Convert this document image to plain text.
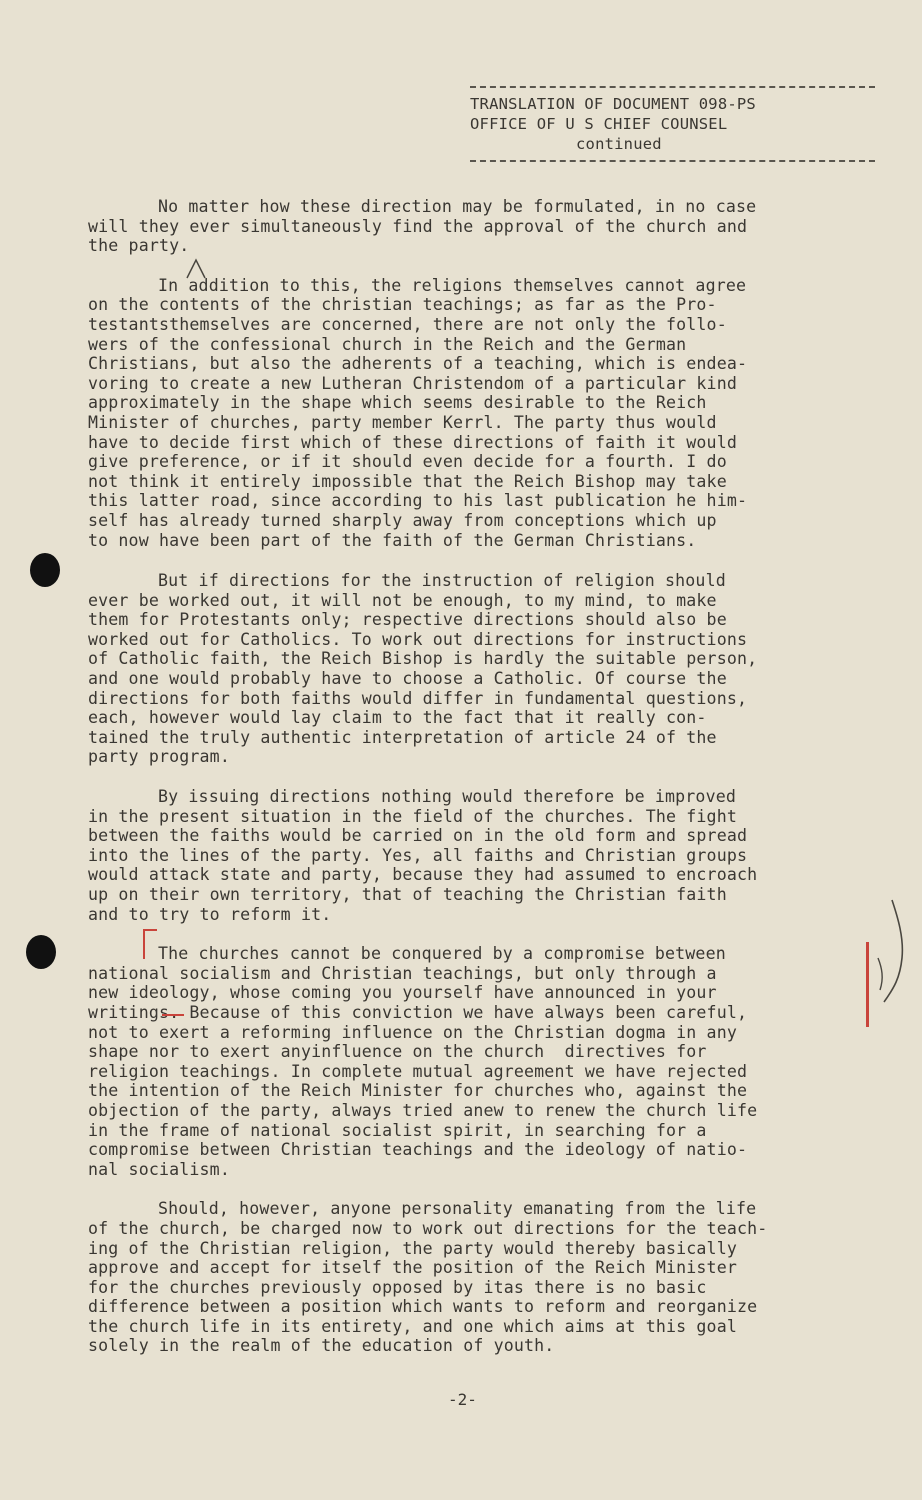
TRANSLATION OF DOCUMENT 098-PS
OFFICE OF U S CHIEF COUNSEL
continued

No matter how these direction may be formulated, in no case
will they ever simultaneously find the approval of the church and
the party.

In addition to this, the religions themselves cannot agree
on the contents of the christian teachings; as far as the Pro-
testantsthemselves are concerned, there are not only the follo-
wers of the confessional church in the Reich and the German
Christians, but also the adherents of a teaching, which is endea-
voring to create a new Lutheran Christendom of a particular kind
approximately in the shape which seems desirable to the Reich
Minister of churches, party member Kerrl. The party thus would
have to decide first which of these directions of faith it would
give preference, or if it should even decide for a fourth. I do
not think it entirely impossible that the Reich Bishop may take
this latter road, since according to his last publication he him-
self has already turned sharply away from conceptions which up
to now have been part of the faith of the German Christians.

But if directions for the instruction of religion should
ever be worked out, it will not be enough, to my mind, to make
them for Protestants only; respective directions should also be
worked out for Catholics. To work out directions for instructions
of Catholic faith, the Reich Bishop is hardly the suitable person,
and one would probably have to choose a Catholic. Of course the
directions for both faiths would differ in fundamental questions,
each, however would lay claim to the fact that it really con-
tained the truly authentic interpretation of article 24 of the
party program.

By issuing directions nothing would therefore be improved
in the present situation in the field of the churches. The fight
between the faiths would be carried on in the old form and spread
into the lines of the party. Yes, all faiths and Christian groups
would attack state and party, because they had assumed to encroach
up on their own territory, that of teaching the Christian faith
and to try to reform it.

The churches cannot be conquered by a compromise between
national socialism and Christian teachings, but only through a
new ideology, whose coming you yourself have announced in your
writings. Because of this conviction we have always been careful,
not to exert a reforming influence on the Christian dogma in any
shape nor to exert anyinfluence on the church  directives for
religion teachings. In complete mutual agreement we have rejected
the intention of the Reich Minister for churches who, against the
objection of the party, always tried anew to renew the church life
in the frame of national socialist spirit, in searching for a
compromise between Christian teachings and the ideology of natio-
nal socialism.

Should, however, anyone personality emanating from the life
of the church, be charged now to work out directions for the teach-
ing of the Christian religion, the party would thereby basically
approve and accept for itself the position of the Reich Minister
for the churches previously opposed by itas there is no basic
difference between a position which wants to reform and reorganize
the church life in its entirety, and one which aims at this goal
solely in the realm of the education of youth.

-2-
